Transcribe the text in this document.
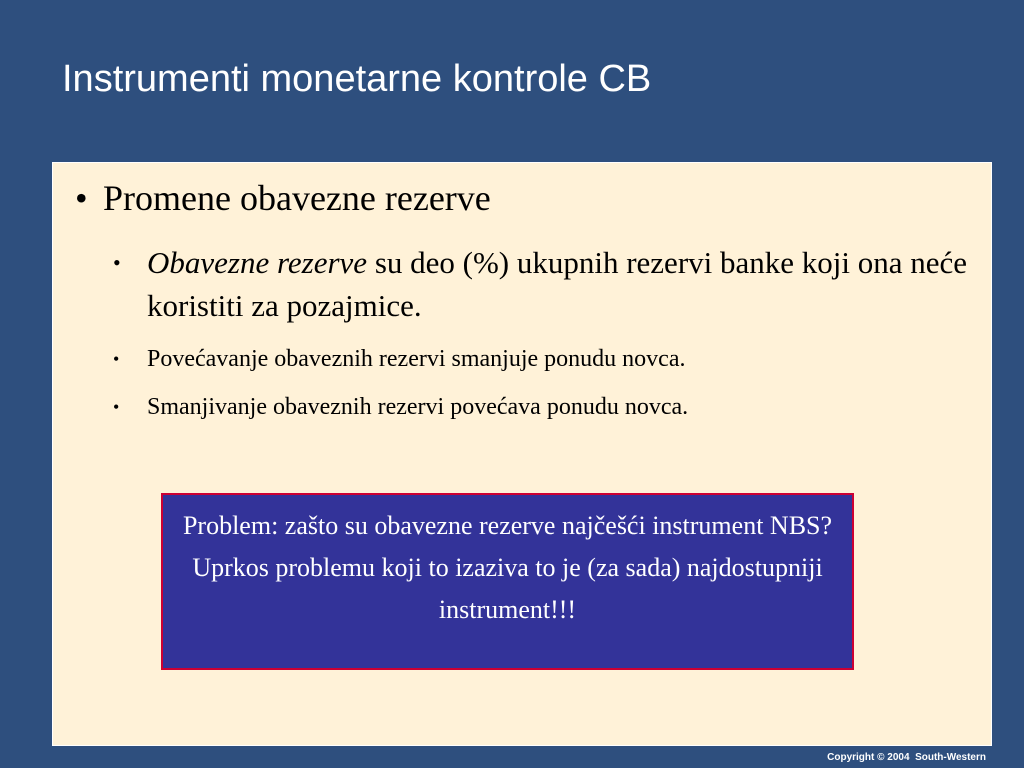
Instrumenti monetarne kontrole CB
• Promene obavezne rezerve
• Obavezne rezerve su deo (%) ukupnih rezervi banke koji ona neće koristiti za pozajmice.
•	Povećavanje obaveznih rezervi smanjuje ponudu novca.
•	Smanjivanje obaveznih rezervi povećava ponudu novca.
Problem: zašto su obavezne rezerve najčešći instrument NBS? Uprkos problemu koji to izaziva to je (za sada) najdostupniji instrument!!!
Copyright © 2004  South-Western
